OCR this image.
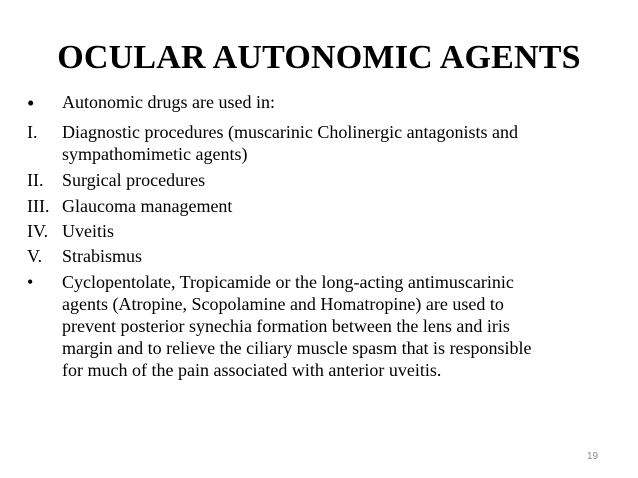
OCULAR AUTONOMIC AGENTS
• Autonomic drugs are used in:
I. Diagnostic procedures (muscarinic Cholinergic antagonists and
sympathomimetic agents)
II. Surgical procedures
III. Glaucoma management
IV. Uveitis
V. Strabismus
• Cyclopentolate, Tropicamide or the long-acting antimuscarinic
agents (Atropine, Scopolamine and Homatropine) are used to
prevent posterior synechia formation between the lens and iris
margin and to relieve the ciliary muscle spasm that is responsible
for much of the pain associated with anterior uveitis.
19
